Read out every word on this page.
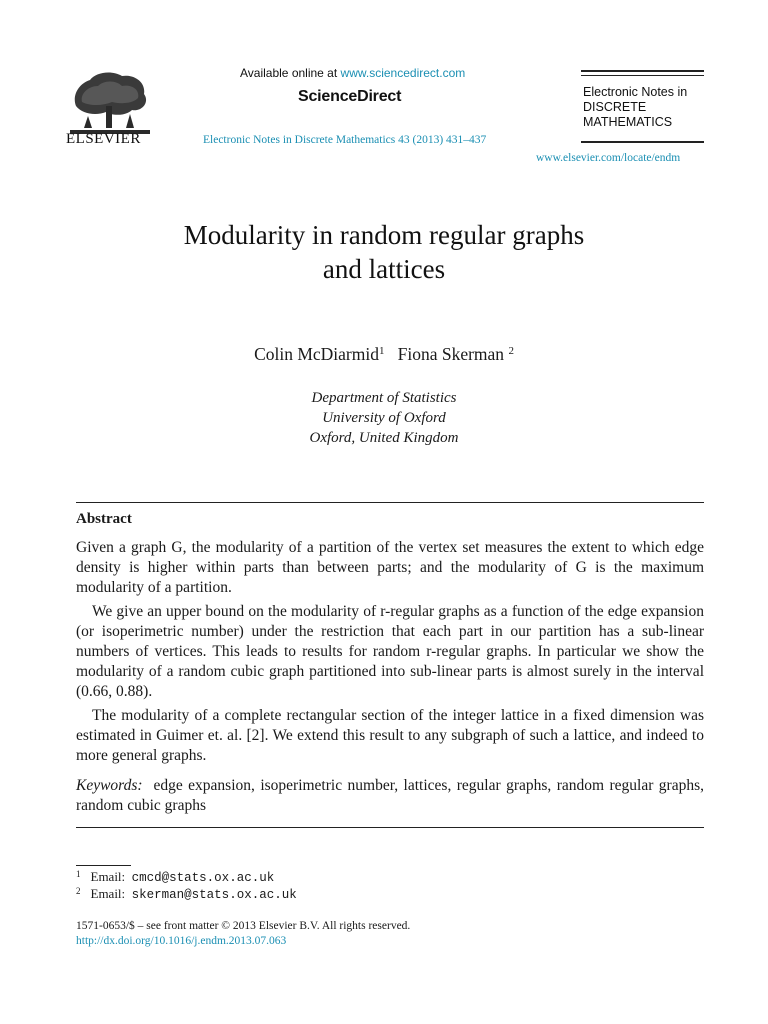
ELSEVIER
Available online at www.sciencedirect.com
ScienceDirect
Electronic Notes in Discrete Mathematics 43 (2013) 431–437
Electronic Notes in
DISCRETE
MATHEMATICS
www.elsevier.com/locate/endm
Modularity in random regular graphs
and lattices
Colin McDiarmid$^1$ Fiona Skerman $^2$
Department of Statistics
University of Oxford
Oxford, United Kingdom
Abstract
Given a graph G, the modularity of a partition of the vertex set measures the extent to which edge density is higher within parts than between parts; and the modularity of G is the maximum modularity of a partition.
We give an upper bound on the modularity of r-regular graphs as a function of the edge expansion (or isoperimetric number) under the restriction that each part in our partition has a sub-linear numbers of vertices. This leads to results for random r-regular graphs. In particular we show the modularity of a random cubic graph partitioned into sub-linear parts is almost surely in the interval (0.66, 0.88).
The modularity of a complete rectangular section of the integer lattice in a fixed dimension was estimated in Guimer et. al. [2]. We extend this result to any subgraph of such a lattice, and indeed to more general graphs.
Keywords: edge expansion, isoperimetric number, lattices, regular graphs, random regular graphs, random cubic graphs
$^1$ Email: cmcd@stats.ox.ac.uk
$^2$ Email: skerman@stats.ox.ac.uk
1571-0653/$ – see front matter © 2013 Elsevier B.V. All rights reserved.
http://dx.doi.org/10.1016/j.endm.2013.07.063
